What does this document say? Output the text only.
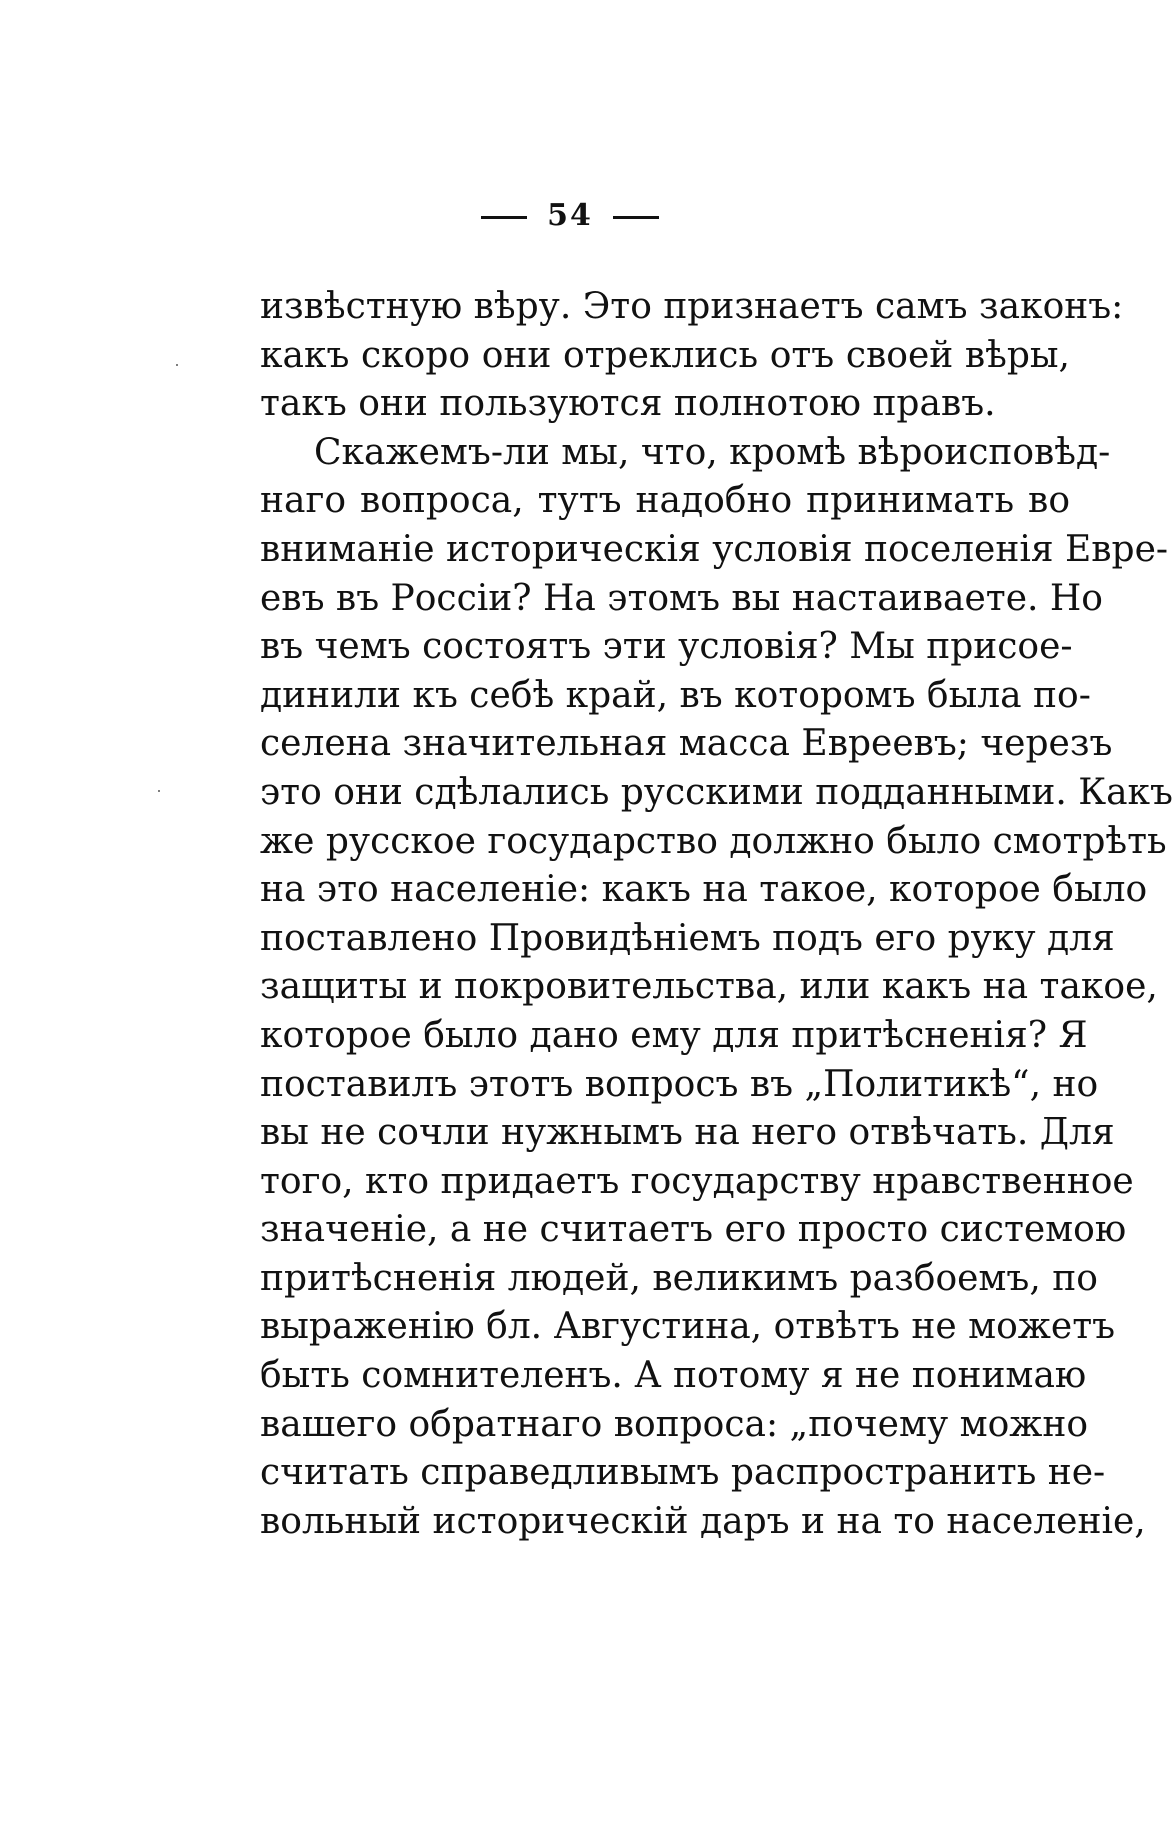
54
извѣстную вѣру. Это признаетъ самъ законъ:
какъ скоро они отреклись отъ своей вѣры,
такъ они пользуются полнотою правъ.
Скажемъ-ли мы, что, кромѣ вѣроисповѣд-
наго вопроса, тутъ надобно принимать во
вниманіе историческія условія поселенія Евре-
евъ въ Россіи? На этомъ вы настаиваете. Но
въ чемъ состоятъ эти условія? Мы присое-
динили къ себѣ край, въ которомъ была по-
селена значительная масса Евреевъ; черезъ
это они сдѣлались русскими подданными. Какъ
же русское государство должно было смотрѣть
на это населеніе: какъ на такое, которое было
поставлено Провидѣніемъ подъ его руку для
защиты и покровительства, или какъ на такое,
которое было дано ему для притѣсненія? Я
поставилъ этотъ вопросъ въ „Политикѣ“, но
вы не сочли нужнымъ на него отвѣчать. Для
того, кто придаетъ государству нравственное
значеніе, а не считаетъ его просто системою
притѣсненія людей, великимъ разбоемъ, по
выраженію бл. Августина, отвѣтъ не можетъ
быть сомнителенъ. А потому я не понимаю
вашего обратнаго вопроса: „почему можно
считать справедливымъ распространить не-
вольный историческій даръ и на то населеніе,
